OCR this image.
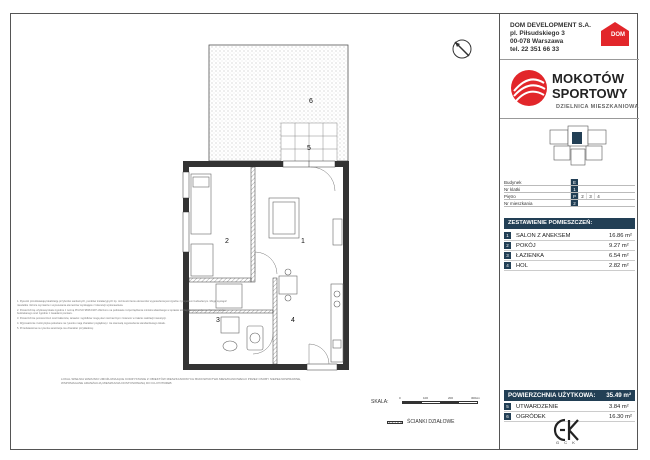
6
5
1
2
3	4
LOKAL SPEŁNIA WARUNKI UMOŻLIWIAJĄCE KORZYSTANIE Z OBIEKTÓW MIESZKANIOWYCH BUDOWNICTWA MIESZKANIOWEGO PRZEZ OSOBY NIEPEŁNOSPRAWNE, WSPOMAGANE ARANŻACJĄ MIESZKANIA DOSTOSOWANĄ DO ICH POTRZEB

1. Rysunki przedstawiają lokalizację przyborów sanitarnych, punktów instalacyjnych itp. rozmieszczenie elementów wyposażenia jest zgodne z projektem budowlanym. Mogą wystąpić niewielkie różnice wymiarów i usytuowania elementów wynikające z tolerancji wykonawstwa.

2. Powierzchnię użytkową lokalu zgodnie z normą PN-ISO 9836:1997 obliczono na podstawie rozporządzenia ministra właściwego w sprawie szczegółowego zakresu i formy projektu budowlanego oraz zgodnie z zasadami pomiaru.

3. Powierzchnie pomieszczeń oraz balkonów, tarasów i ogródków mogą ulec nieznacznym zmianom w trakcie realizacji inwestycji.

4. Wyposażenie i kolorystyka pokazane na rysunku mają charakter poglądowy i nie stanowią wyposażenia standardowego lokalu.

5. Przedstawiona na rysunku aranżacja ma charakter przykładowy.

SKALA:
0	100	200	300cm
ŚCIANKI DZIAŁOWE
DOM DEVELOPMENT S.A.
pl. Piłsudskiego 3
00-078 Warszawa
tel. 22 351 66 33
DOM
MOKOTÓW
SPORTOWY
DZIELNICA MIESZKANIOWA
Budynek	E
Nr klatki	1
Piętro	P	2	3	4
Nr mieszkania	2
ZESTAWIENIE POMIESZCZEŃ:
1	SALON Z ANEKSEM	16.86 m²
2	POKÓJ	9.27 m²
3	ŁAZIENKA	6.54 m²
4	HOL	2.82 m²
POWIERZCHNIA UŻYTKOWA: 35.49 m²
5	UTWARDZENIE	3.84 m²
6	OGRÓDEK	16.30 m²
G C K
